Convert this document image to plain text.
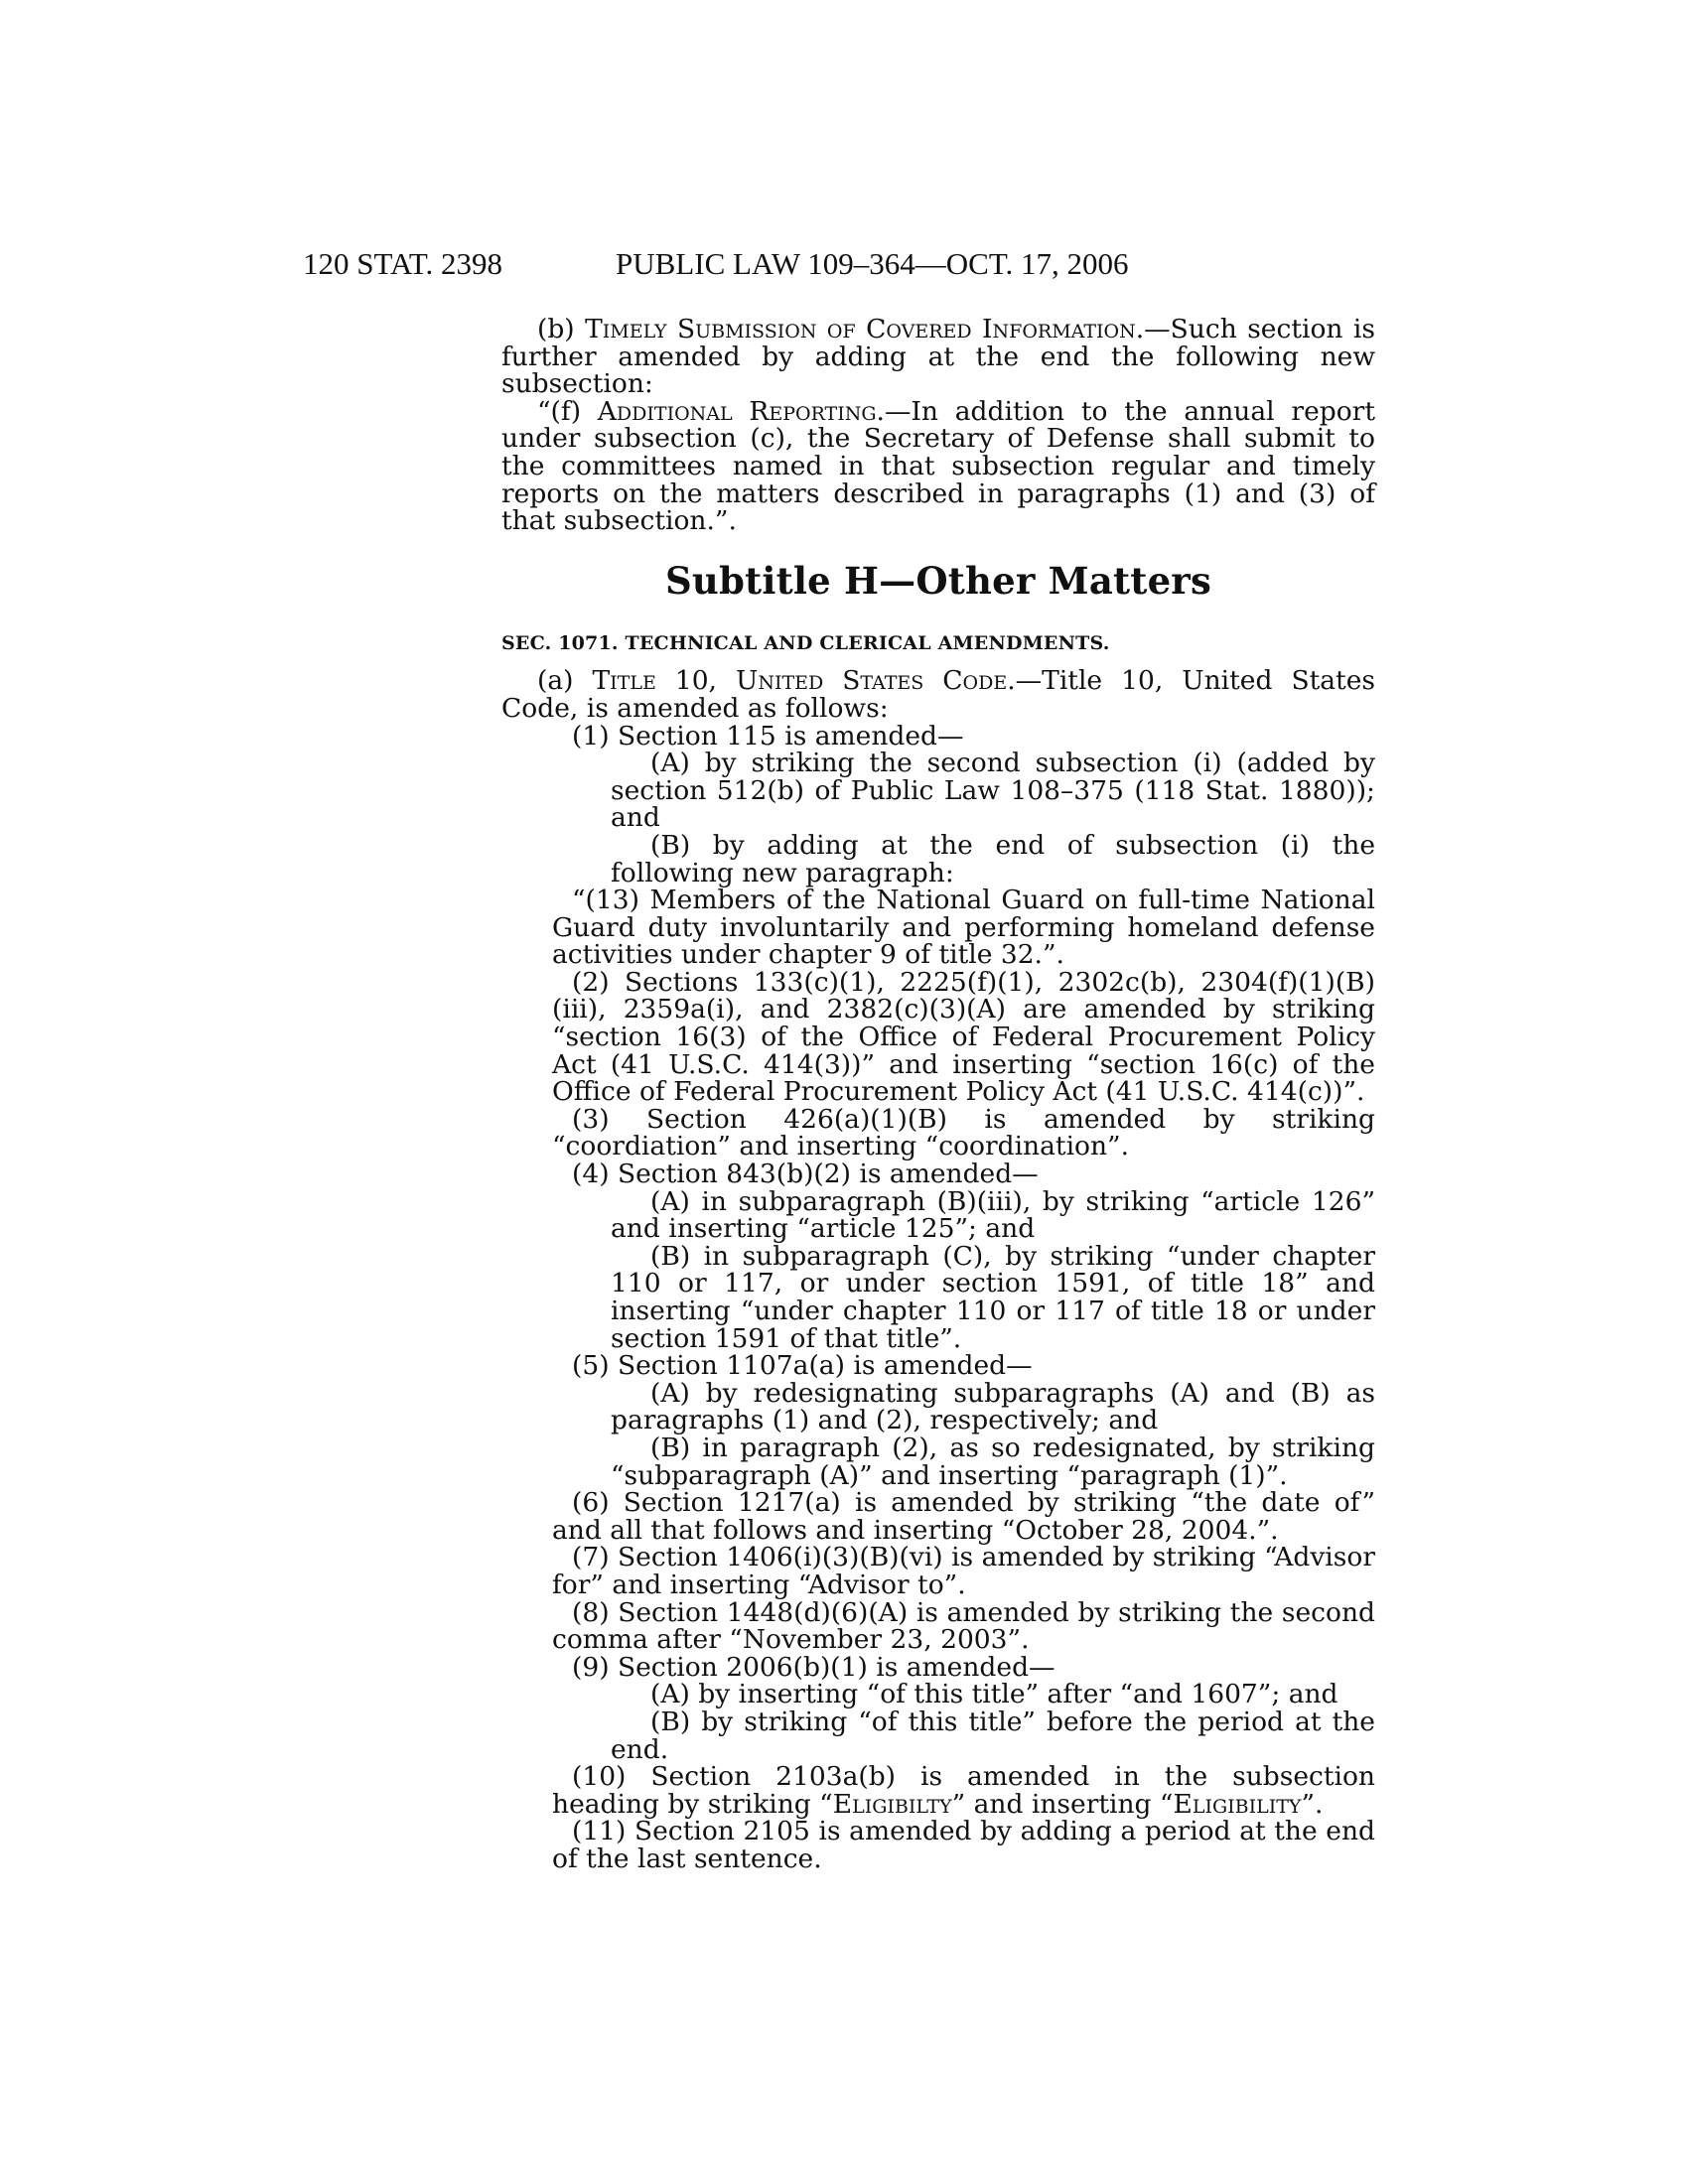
120 STAT. 2398	PUBLIC LAW 109–364—OCT. 17, 2006

(b) Timely Submission of Covered Information.—Such section is further amended by adding at the end the following new subsection:

“(f) Additional Reporting.—In addition to the annual report under subsection (c), the Secretary of Defense shall submit to the committees named in that subsection regular and timely reports on the matters described in paragraphs (1) and (3) of that subsection.”.

Subtitle H—Other Matters
SEC. 1071. TECHNICAL AND CLERICAL AMENDMENTS.

(a) Title 10, United States Code.—Title 10, United States Code, is amended as follows:

(1) Section 115 is amended—

(A) by striking the second subsection (i) (added by section 512(b) of Public Law 108–375 (118 Stat. 1880)); and

(B) by adding at the end of subsection (i) the following new paragraph:

“(13) Members of the National Guard on full-time National Guard duty involuntarily and performing homeland defense activities under chapter 9 of title 32.”.

(2) Sections 133(c)(1), 2225(f)(1), 2302c(b), 2304(f)(1)(B)(iii), 2359a(i), and 2382(c)(3)(A) are amended by striking “section 16(3) of the Office of Federal Procurement Policy Act (41 U.S.C. 414(3))” and inserting “section 16(c) of the Office of Federal Procurement Policy Act (41 U.S.C. 414(c))”.

(3) Section 426(a)(1)(B) is amended by striking “coordiation” and inserting “coordination”.

(4) Section 843(b)(2) is amended—

(A) in subparagraph (B)(iii), by striking “article 126” and inserting “article 125”; and

(B) in subparagraph (C), by striking “under chapter 110 or 117, or under section 1591, of title 18” and inserting “under chapter 110 or 117 of title 18 or under section 1591 of that title”.

(5) Section 1107a(a) is amended—

(A) by redesignating subparagraphs (A) and (B) as paragraphs (1) and (2), respectively; and

(B) in paragraph (2), as so redesignated, by striking “subparagraph (A)” and inserting “paragraph (1)”.

(6) Section 1217(a) is amended by striking “the date of” and all that follows and inserting “October 28, 2004.”.

(7) Section 1406(i)(3)(B)(vi) is amended by striking “Advisor for” and inserting “Advisor to”.

(8) Section 1448(d)(6)(A) is amended by striking the second comma after “November 23, 2003”.

(9) Section 2006(b)(1) is amended—

(A) by inserting “of this title” after “and 1607”; and

(B) by striking “of this title” before the period at the end.

(10) Section 2103a(b) is amended in the subsection heading by striking “Eligibilty” and inserting “Eligibility”.

(11) Section 2105 is amended by adding a period at the end of the last sentence.
